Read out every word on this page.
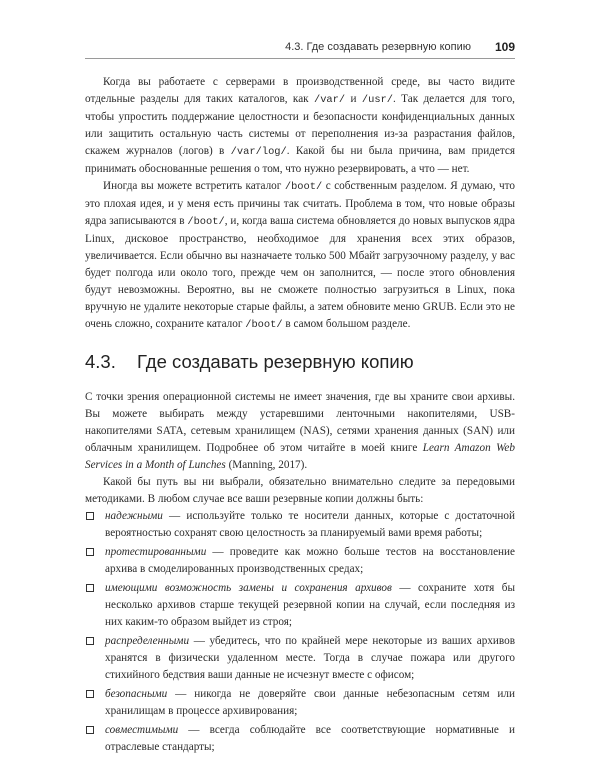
4.3. Где создавать резервную копию 109

Когда вы работаете с серверами в производственной среде, вы часто видите отдельные разделы для таких каталогов, как /var/ и /usr/. Так делается для того, чтобы упростить поддержание целостности и безопасности конфиденциальных данных или защитить остальную часть системы от переполнения из-за разрастания файлов, скажем журналов (логов) в /var/log/. Какой бы ни была причина, вам придется принимать обоснованные решения о том, что нужно резервировать, а что — нет.

Иногда вы можете встретить каталог /boot/ с собственным разделом. Я думаю, что это плохая идея, и у меня есть причины так считать. Проблема в том, что новые образы ядра записываются в /boot/, и, когда ваша система обновляется до новых выпусков ядра Linux, дисковое пространство, необходимое для хранения всех этих образов, увеличивается. Если обычно вы назначаете только 500 Мбайт загрузочному разделу, у вас будет полгода или около того, прежде чем он заполнится, — после этого обновления будут невозможны. Вероятно, вы не сможете полностью загрузиться в Linux, пока вручную не удалите некоторые старые файлы, а затем обновите меню GRUB. Если это не очень сложно, сохраните каталог /boot/ в самом большом разделе.

4.3. Где создавать резервную копию

С точки зрения операционной системы не имеет значения, где вы храните свои архивы. Вы можете выбирать между устаревшими ленточными накопителями, USB-накопителями SATA, сетевым хранилищем (NAS), сетями хранения данных (SAN) или облачным хранилищем. Подробнее об этом читайте в моей книге Learn Amazon Web Services in a Month of Lunches (Manning, 2017).

Какой бы путь вы ни выбрали, обязательно внимательно следите за передовыми методиками. В любом случае все ваши резервные копии должны быть:

надежными — используйте только те носители данных, которые с достаточной вероятностью сохранят свою целостность за планируемый вами время работы;
протестированными — проведите как можно больше тестов на восстановление архива в смоделированных производственных средах;
имеющими возможность замены и сохранения архивов — сохраните хотя бы несколько архивов старше текущей резервной копии на случай, если последняя из них каким-то образом выйдет из строя;
распределенными — убедитесь, что по крайней мере некоторые из ваших архивов хранятся в физически удаленном месте. Тогда в случае пожара или другого стихийного бедствия ваши данные не исчезнут вместе с офисом;
безопасными — никогда не доверяйте свои данные небезопасным сетям или хранилищам в процессе архивирования;
совместимыми — всегда соблюдайте все соответствующие нормативные и отраслевые стандарты;
